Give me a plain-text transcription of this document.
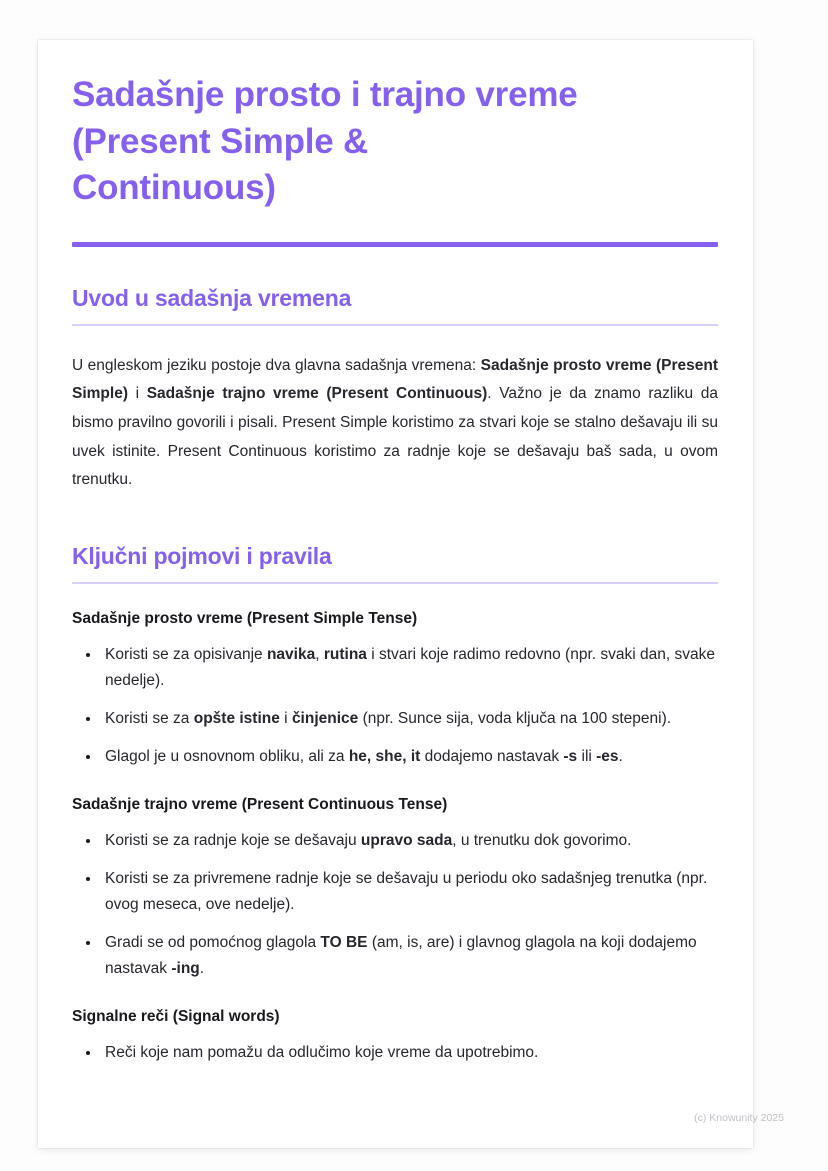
Sadašnje prosto i trajno vreme
(Present Simple &
Continuous)
Uvod u sadašnja vremena

U engleskom jeziku postoje dva glavna sadašnja vremena: Sadašnje prosto vreme (Present Simple) i Sadašnje trajno vreme (Present Continuous). Važno je da znamo razliku da bismo pravilno govorili i pisali. Present Simple koristimo za stvari koje se stalno dešavaju ili su uvek istinite. Present Continuous koristimo za radnje koje se dešavaju baš sada, u ovom trenutku.

Ključni pojmovi i pravila
Sadašnje prosto vreme (Present Simple Tense)
• Koristi se za opisivanje navika, rutina i stvari koje radimo redovno (npr. svaki dan, svake nedelje).
• Koristi se za opšte istine i činjenice (npr. Sunce sija, voda ključa na 100 stepeni).
• Glagol je u osnovnom obliku, ali za he, she, it dodajemo nastavak -s ili -es.
Sadašnje trajno vreme (Present Continuous Tense)
• Koristi se za radnje koje se dešavaju upravo sada, u trenutku dok govorimo.
• Koristi se za privremene radnje koje se dešavaju u periodu oko sadašnjeg trenutka (npr. ovog meseca, ove nedelje).
• Gradi se od pomoćnog glagola TO BE (am, is, are) i glavnog glagola na koji dodajemo nastavak -ing.
Signalne reči (Signal words)
• Reči koje nam pomažu da odlučimo koje vreme da upotrebimo.
(c) Knowunity 2025
